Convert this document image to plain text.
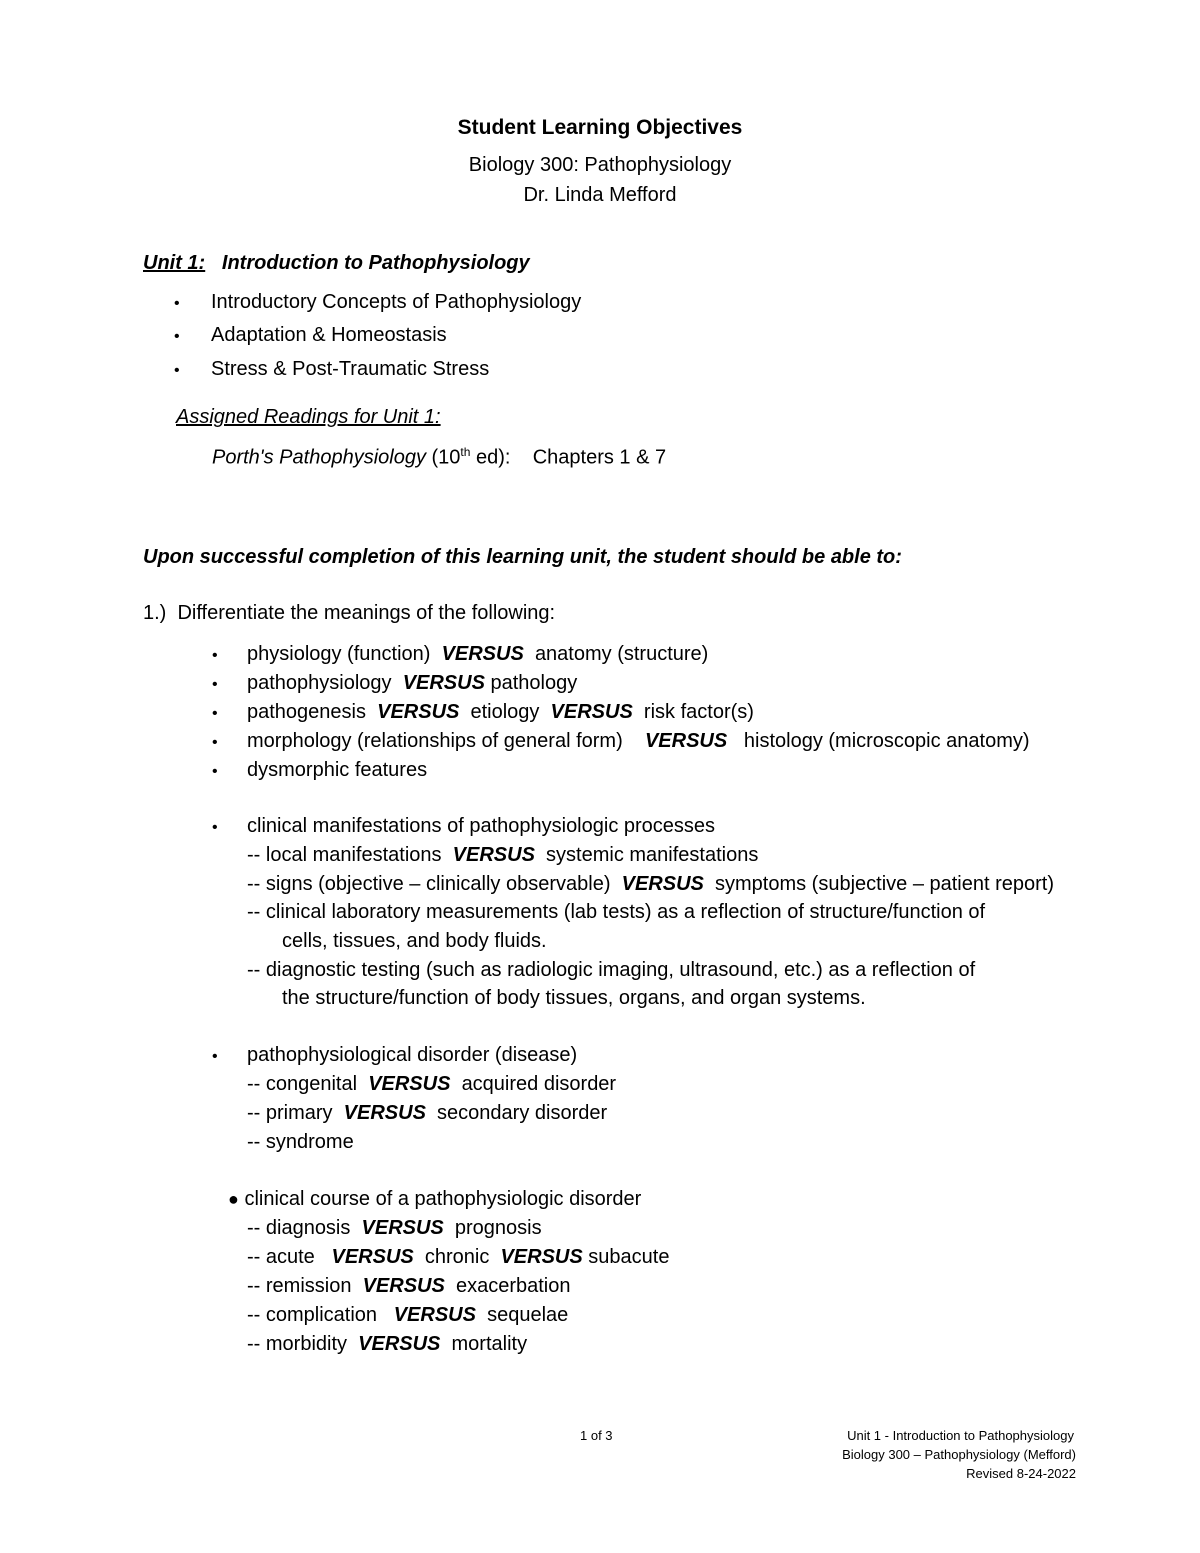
Student Learning Objectives
Biology 300: Pathophysiology
Dr. Linda Mefford
Unit 1: Introduction to Pathophysiology
• Introductory Concepts of Pathophysiology
• Adaptation & Homeostasis
• Stress & Post-Traumatic Stress
Assigned Readings for Unit 1:
Porth's Pathophysiology (10th ed): Chapters 1 & 7
Upon successful completion of this learning unit, the student should be able to:
1.) Differentiate the meanings of the following:
• physiology (function) VERSUS anatomy (structure)
• pathophysiology VERSUS pathology
• pathogenesis VERSUS etiology VERSUS risk factor(s)
• morphology (relationships of general form) VERSUS histology (microscopic anatomy)
• dysmorphic features
• clinical manifestations of pathophysiologic processes
-- local manifestations VERSUS systemic manifestations
-- signs (objective – clinically observable) VERSUS symptoms (subjective – patient report)
-- clinical laboratory measurements (lab tests) as a reflection of structure/function of
cells, tissues, and body fluids.
-- diagnostic testing (such as radiologic imaging, ultrasound, etc.) as a reflection of
the structure/function of body tissues, organs, and organ systems.
• pathophysiological disorder (disease)
-- congenital VERSUS acquired disorder
-- primary VERSUS secondary disorder
-- syndrome
● clinical course of a pathophysiologic disorder
-- diagnosis VERSUS prognosis
-- acute VERSUS chronic VERSUS subacute
-- remission VERSUS exacerbation
-- complication VERSUS sequelae
-- morbidity VERSUS mortality
1 of 3	Unit 1 - Introduction to Pathophysiology
Biology 300 – Pathophysiology (Mefford)
Revised 8-24-2022
